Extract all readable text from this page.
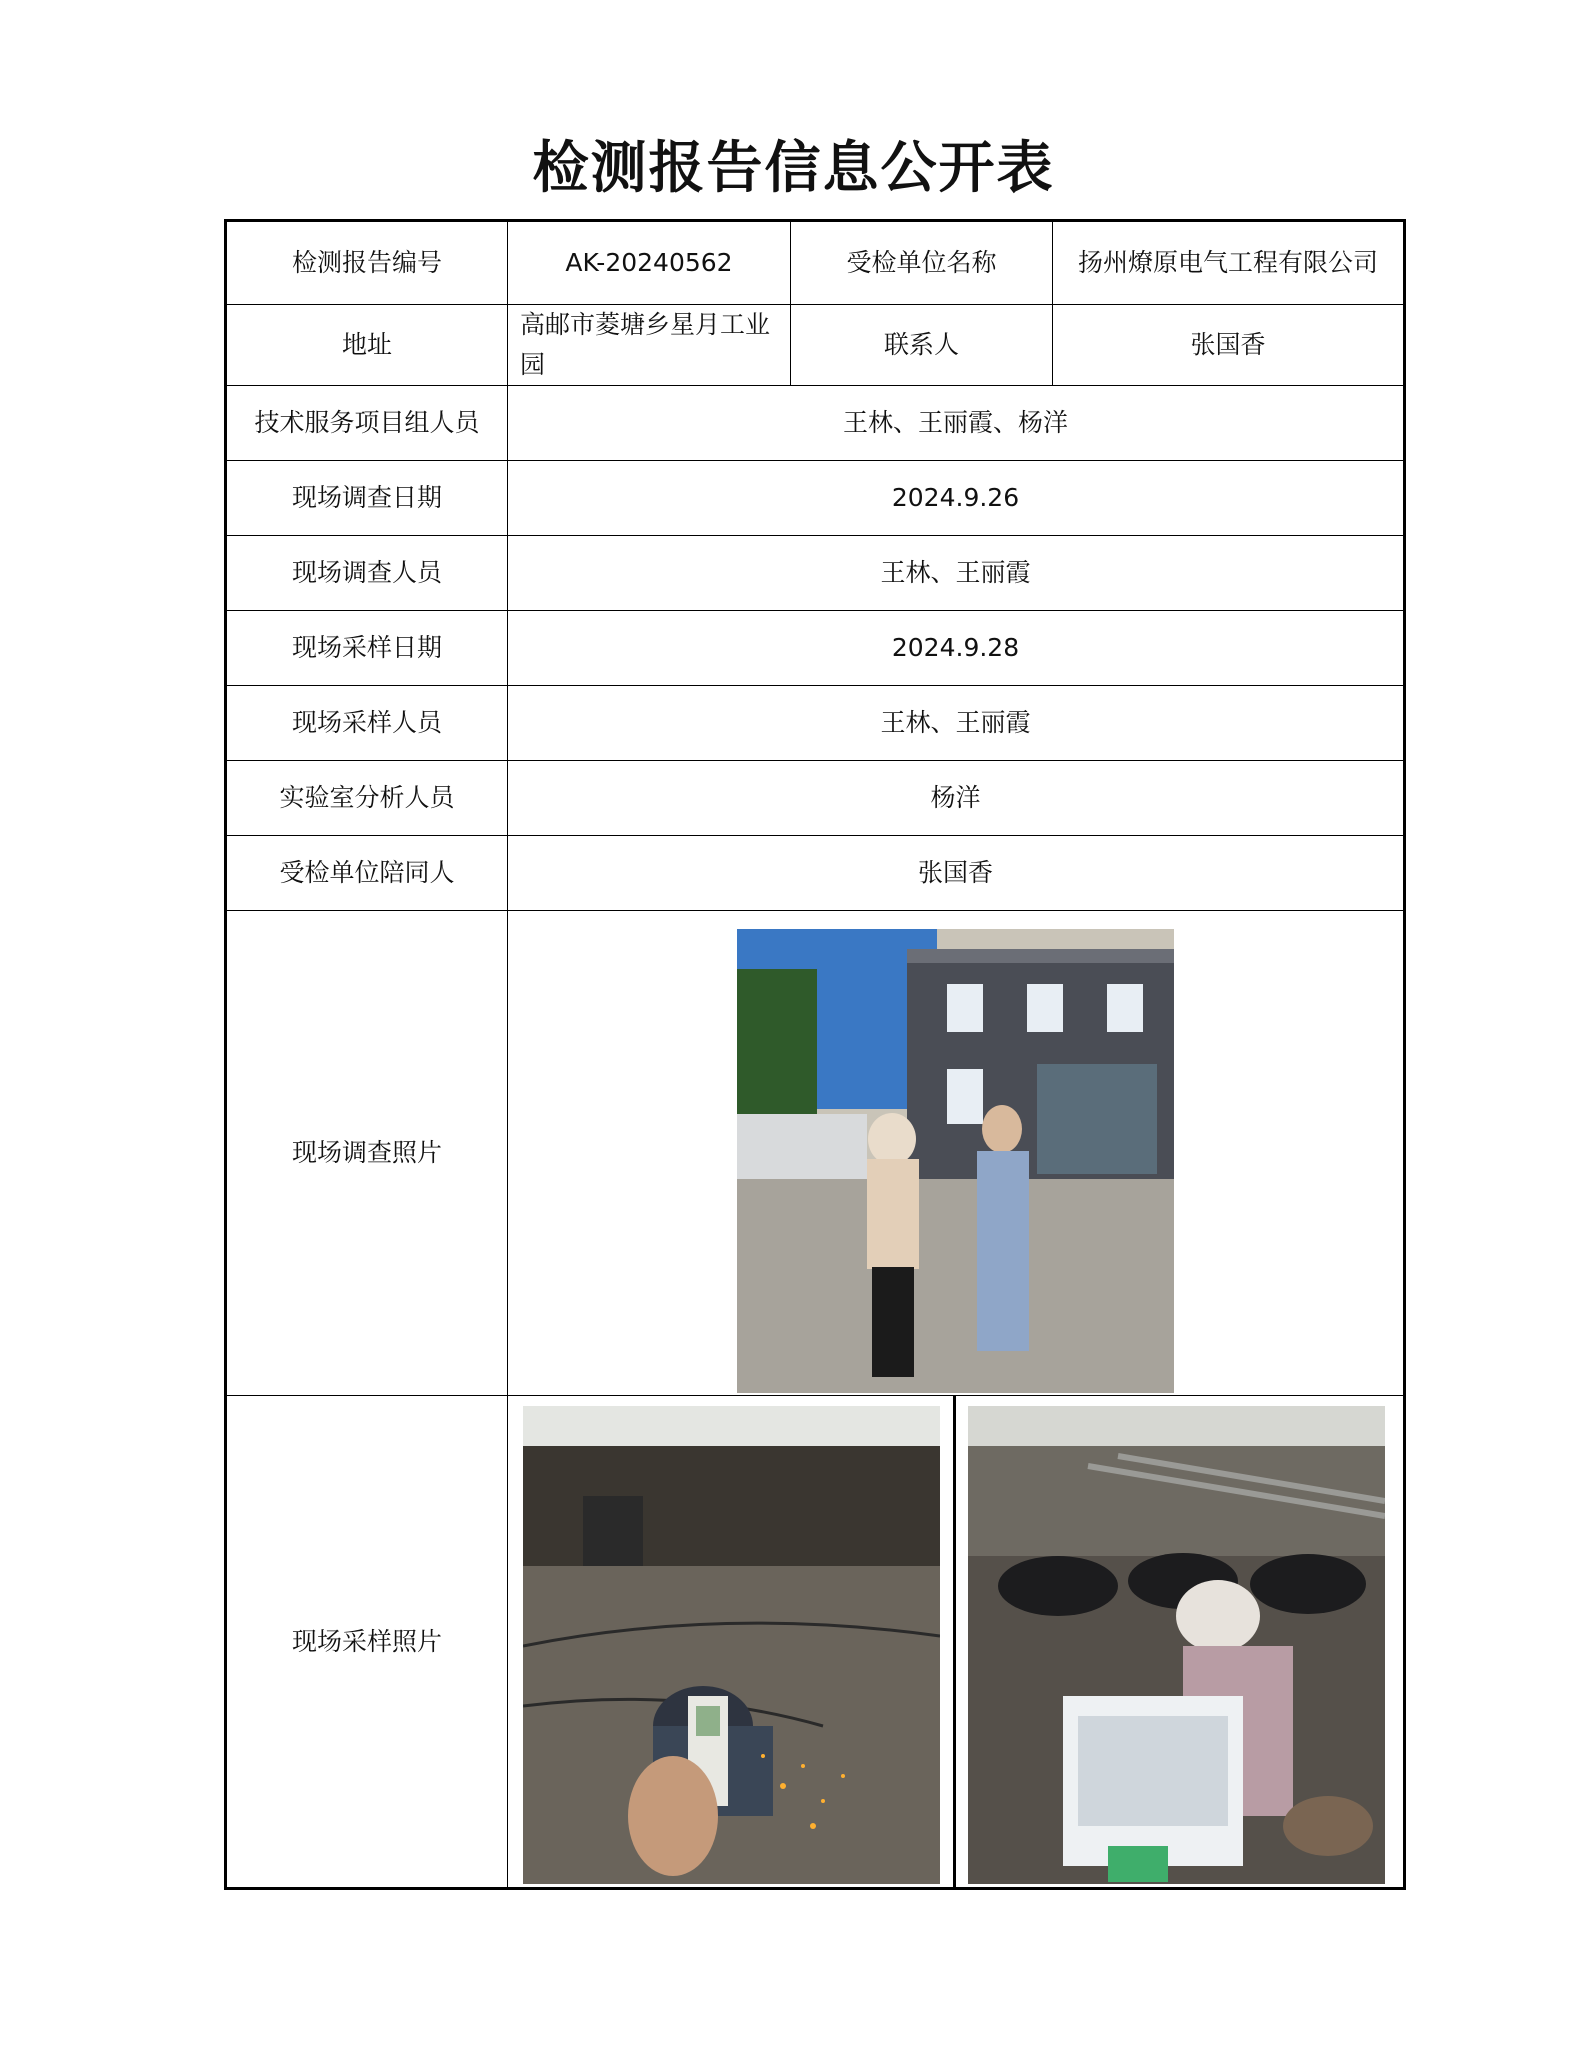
检测报告信息公开表
检测报告编号	AK-20240562	受检单位名称	扬州燎原电气工程有限公司
地址	高邮市菱塘乡星月工业园	联系人	张国香
技术服务项目组人员	王林、王丽霞、杨洋		
现场调查日期	2024.9.26		
现场调查人员	王林、王丽霞		
现场采样日期	2024.9.28		
现场采样人员	王林、王丽霞		
实验室分析人员	杨洋		
受检单位陪同人	张国香		
现场调查照片	

现场采样照片	
